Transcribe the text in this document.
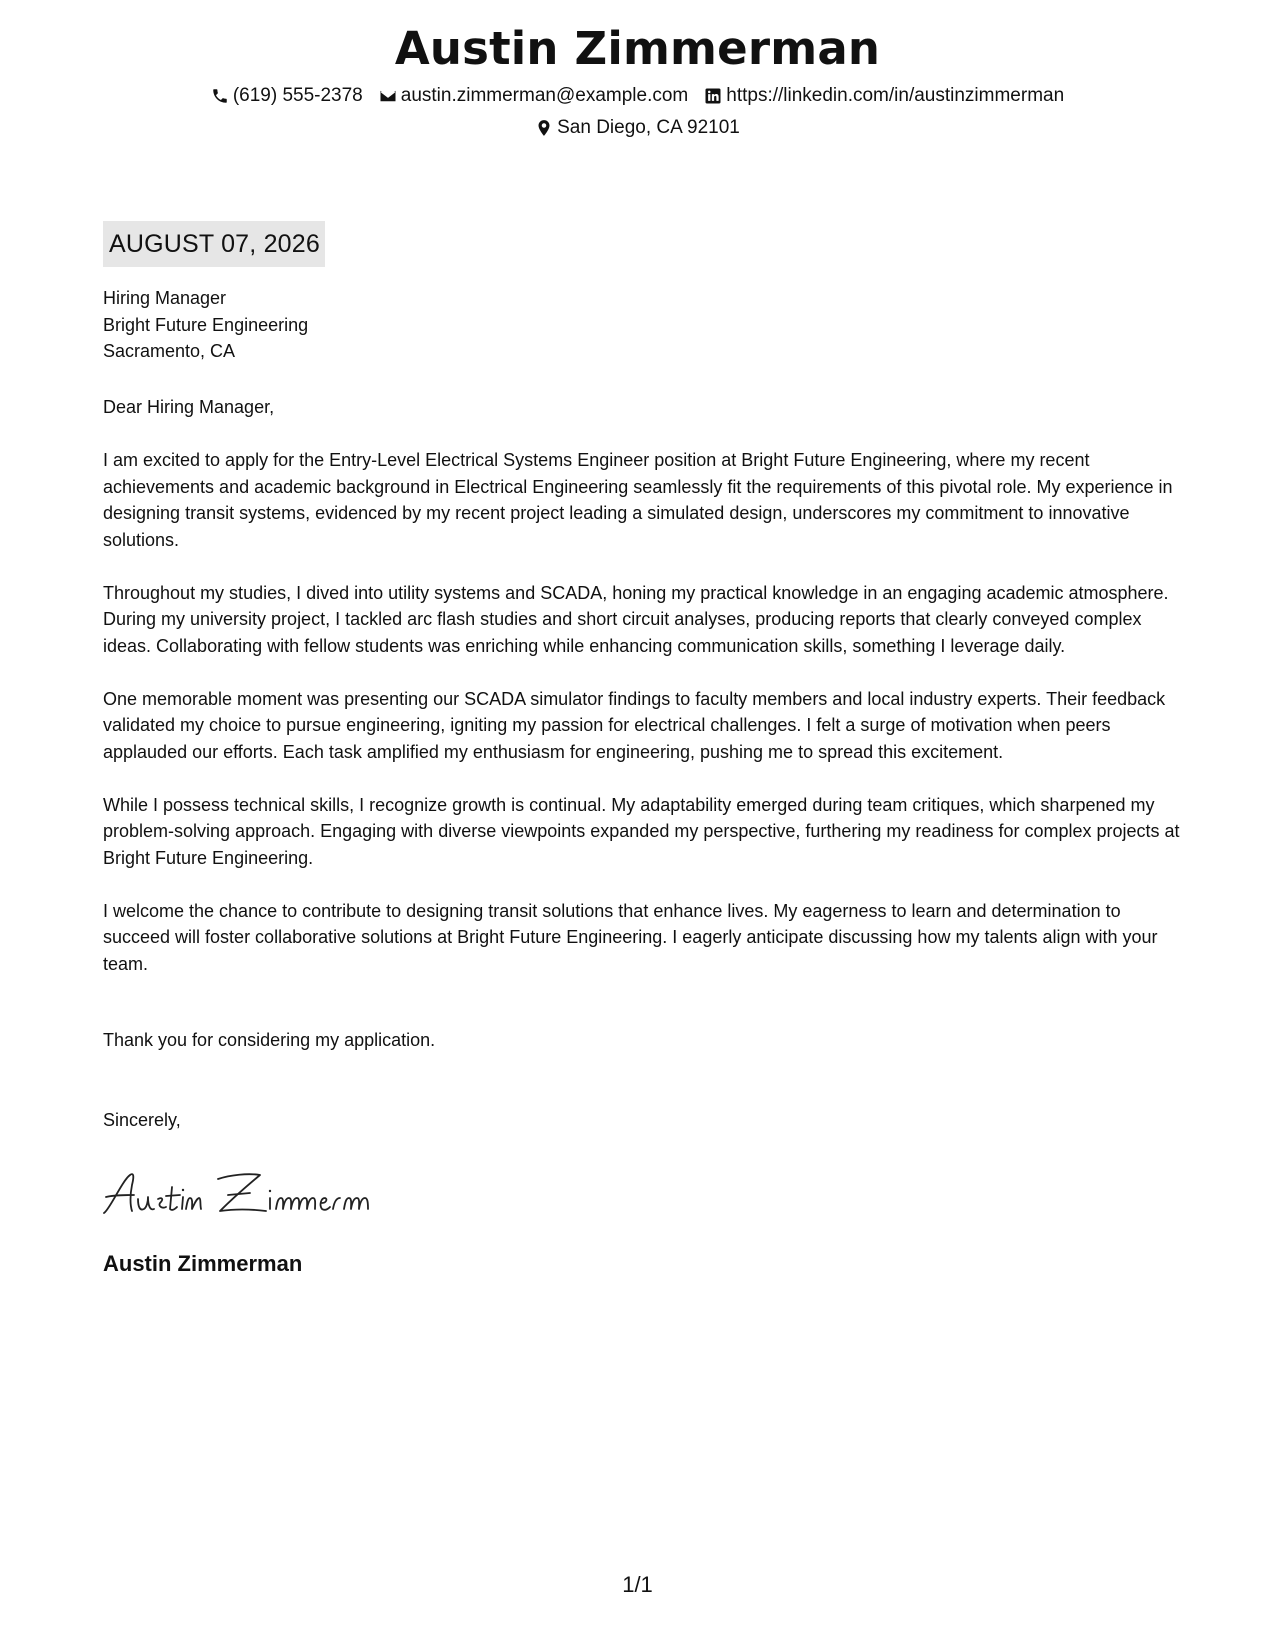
Austin Zimmerman
(619) 555-2378 austin.zimmerman@example.com https://linkedin.com/in/austinzimmerman
San Diego, CA 92101
AUGUST 07, 2026
Hiring Manager
Bright Future Engineering
Sacramento, CA
Dear Hiring Manager,

I am excited to apply for the Entry-Level Electrical Systems Engineer position at Bright Future Engineering, where my recent achievements and academic background in Electrical Engineering seamlessly fit the requirements of this pivotal role. My experience in designing transit systems, evidenced by my recent project leading a simulated design, underscores my commitment to innovative solutions.

Throughout my studies, I dived into utility systems and SCADA, honing my practical knowledge in an engaging academic atmosphere. During my university project, I tackled arc flash studies and short circuit analyses, producing reports that clearly conveyed complex ideas. Collaborating with fellow students was enriching while enhancing communication skills, something I leverage daily.

One memorable moment was presenting our SCADA simulator findings to faculty members and local industry experts. Their feedback validated my choice to pursue engineering, igniting my passion for electrical challenges. I felt a surge of motivation when peers applauded our efforts. Each task amplified my enthusiasm for engineering, pushing me to spread this excitement.

While I possess technical skills, I recognize growth is continual. My adaptability emerged during team critiques, which sharpened my problem-solving approach. Engaging with diverse viewpoints expanded my perspective, furthering my readiness for complex projects at Bright Future Engineering.

I welcome the chance to contribute to designing transit solutions that enhance lives. My eagerness to learn and determination to succeed will foster collaborative solutions at Bright Future Engineering. I eagerly anticipate discussing how my talents align with your team.

Thank you for considering my application.
Sincerely,
Austin Zimmerman
1/1
